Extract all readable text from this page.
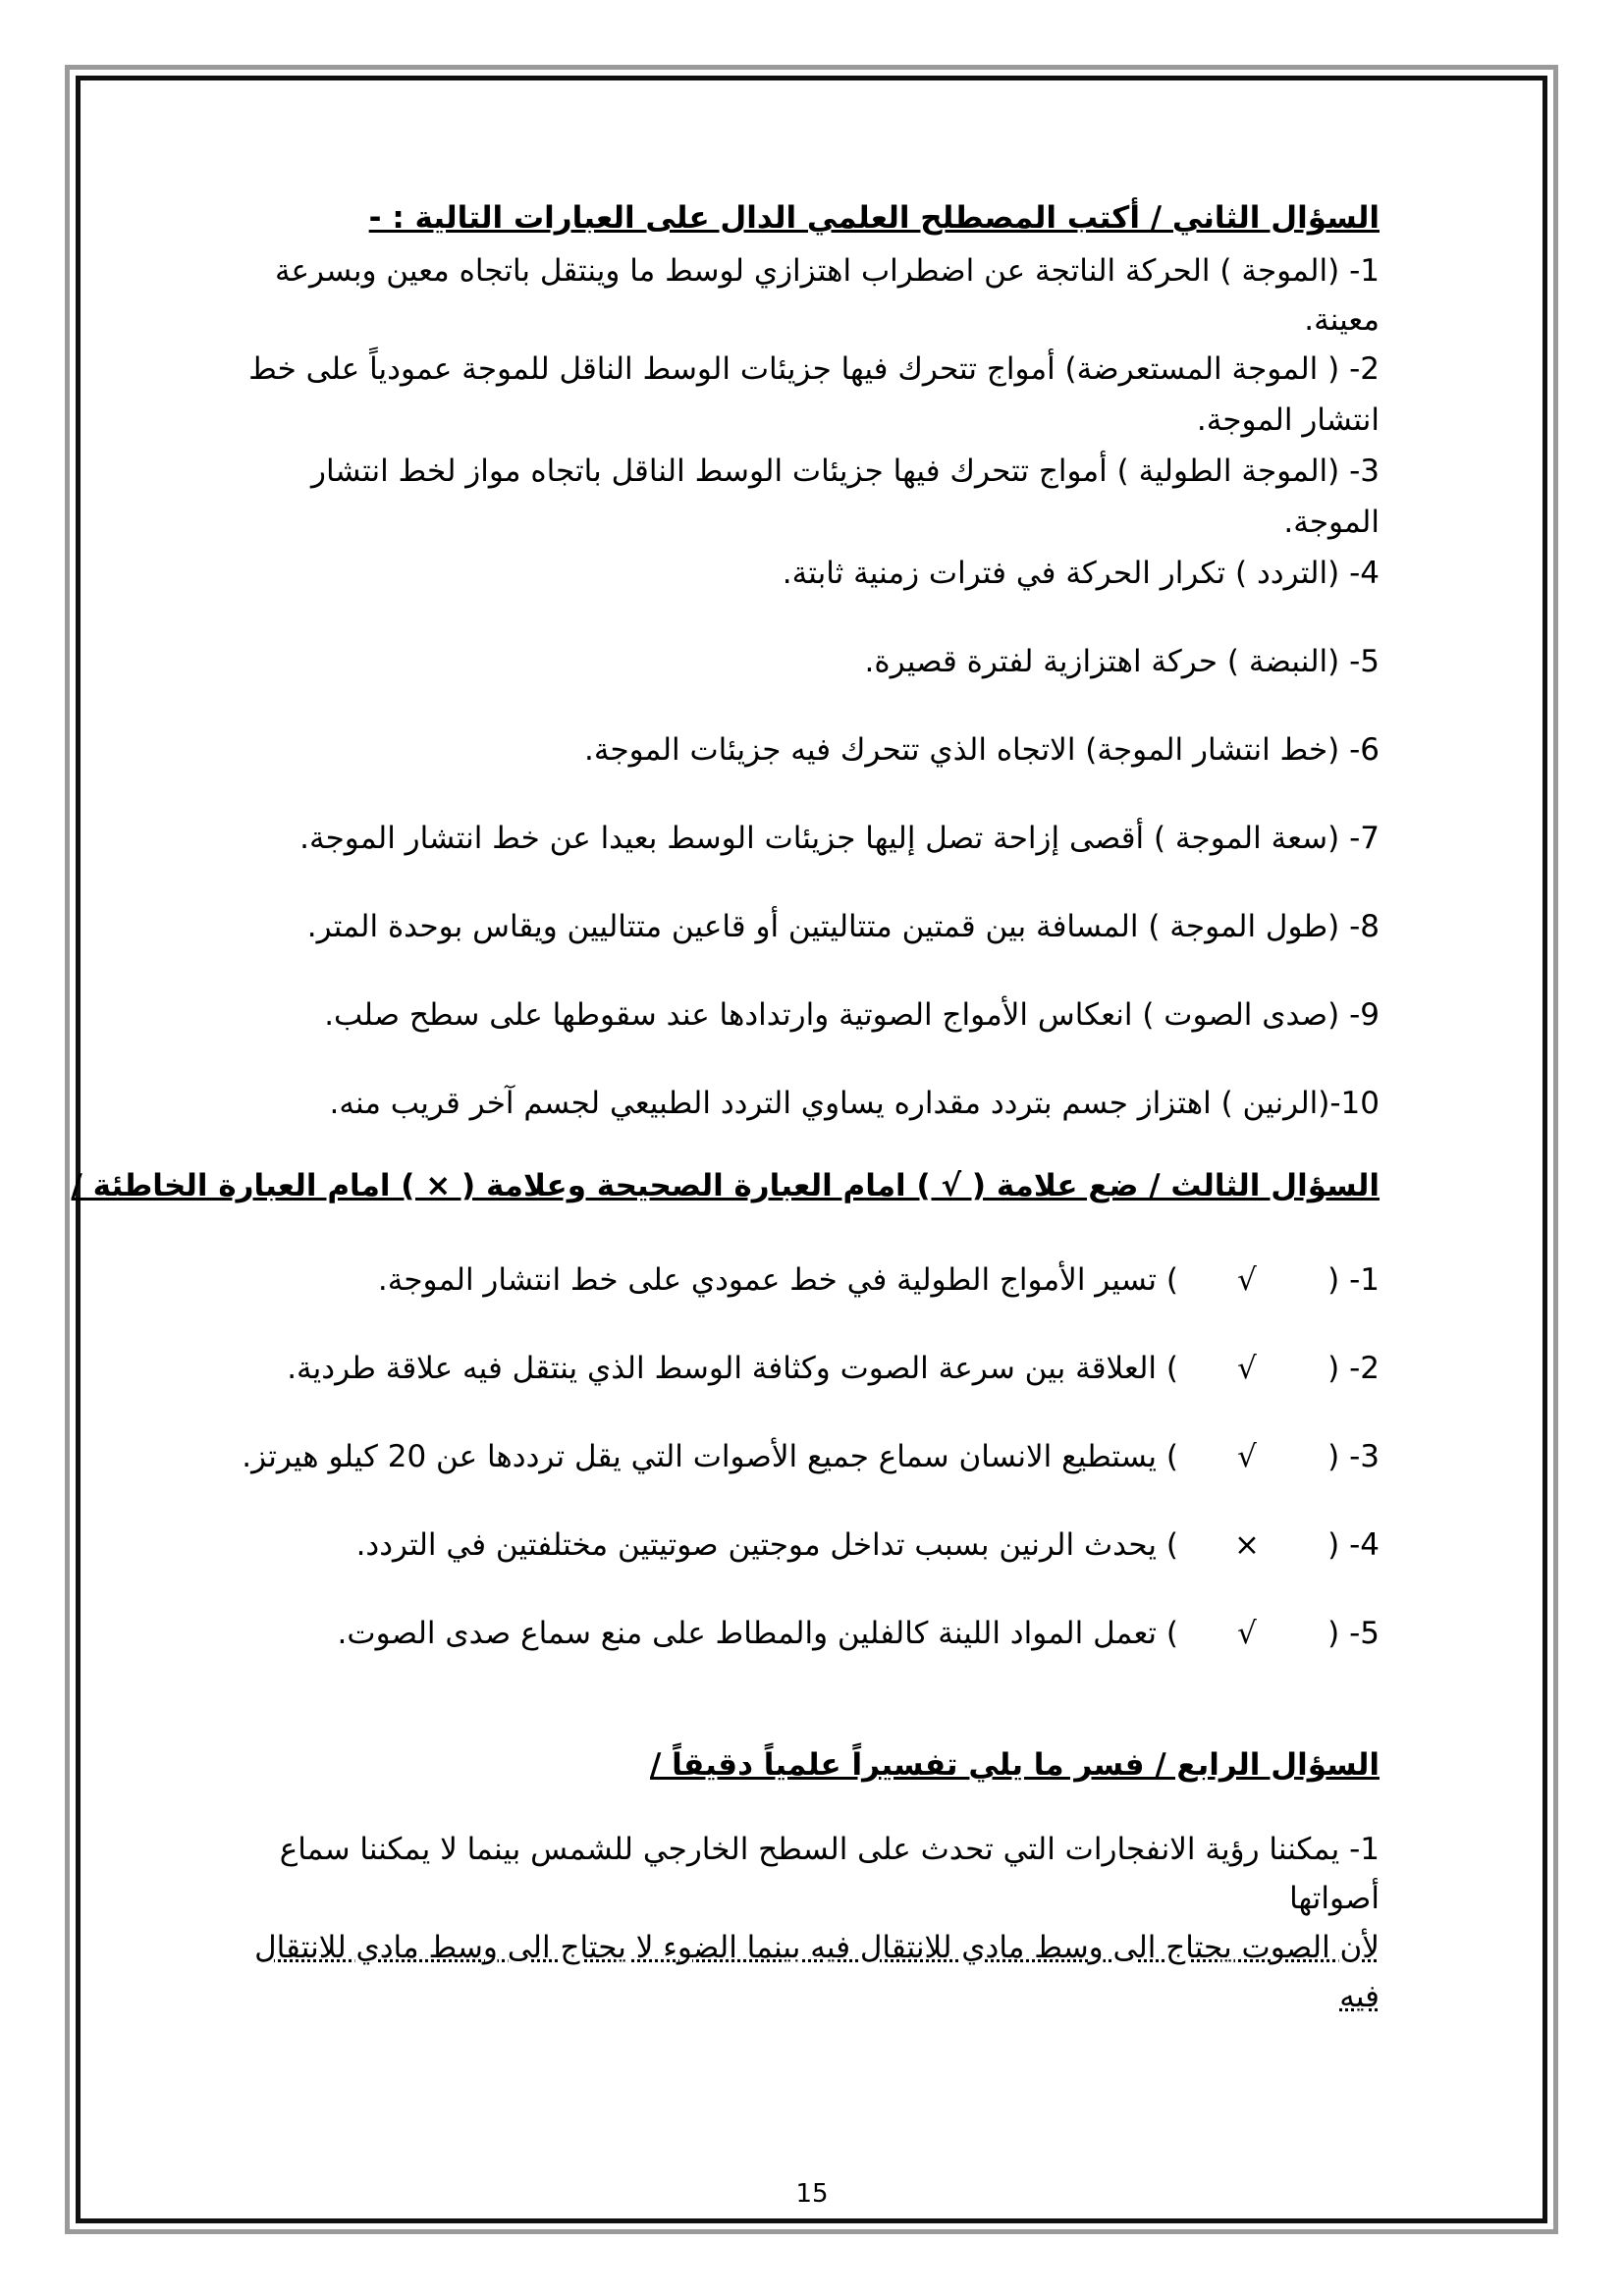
السؤال الثاني / أكتب المصطلح العلمي الدال على العبارات التالية : -

1- (الموجة ) الحركة الناتجة عن اضطراب اهتزازي لوسط ما وينتقل باتجاه معين وبسرعة

معينة.

2- ( الموجة المستعرضة) أمواج تتحرك فيها جزيئات الوسط الناقل للموجة عمودياً على خط

انتشار الموجة.

3- (الموجة الطولية ) أمواج تتحرك فيها جزيئات الوسط الناقل باتجاه مواز لخط انتشار

الموجة.

4- (التردد ) تكرار الحركة في فترات زمنية ثابتة.

5- (النبضة ) حركة اهتزازية لفترة قصيرة.

6- (خط انتشار الموجة) الاتجاه الذي تتحرك فيه جزيئات الموجة.

7- (سعة الموجة ) أقصى إزاحة تصل إليها جزيئات الوسط بعيدا عن خط انتشار الموجة.

8- (طول الموجة ) المسافة بين قمتين متتاليتين أو قاعين متتاليين ويقاس بوحدة المتر.

9- (صدى الصوت ) انعكاس الأمواج الصوتية وارتدادها عند سقوطها على سطح صلب.

10-(الرنين ) اهتزاز جسم بتردد مقداره يساوي التردد الطبيعي لجسم آخر قريب منه.

السؤال الثالث / ضع علامة ( √ ) امام العبارة الصحيحة وعلامة ( × ) امام العبارة الخاطئة /

1- (
√
) تسير الأمواج الطولية في خط عمودي على خط انتشار الموجة.
2- (
√
) العلاقة بين سرعة الصوت وكثافة الوسط الذي ينتقل فيه علاقة طردية.
3- (
√
) يستطيع الانسان سماع جميع الأصوات التي يقل ترددها عن 20 كيلو هيرتز.
4- (
×
) يحدث الرنين بسبب تداخل موجتين صوتيتين مختلفتين في التردد.
5- (
√
) تعمل المواد اللينة كالفلين والمطاط على منع سماع صدى الصوت.

السؤال الرابع / فسر ما يلي تفسيراً علمياً دقيقاً /

1- يمكننا رؤية الانفجارات التي تحدث على السطح الخارجي للشمس بينما لا يمكننا سماع

أصواتها

لأن الصوت يحتاج الى وسط مادي للانتقال فيه بينما الضوء لا يحتاج الى وسط مادي للانتقال

فيه

15
